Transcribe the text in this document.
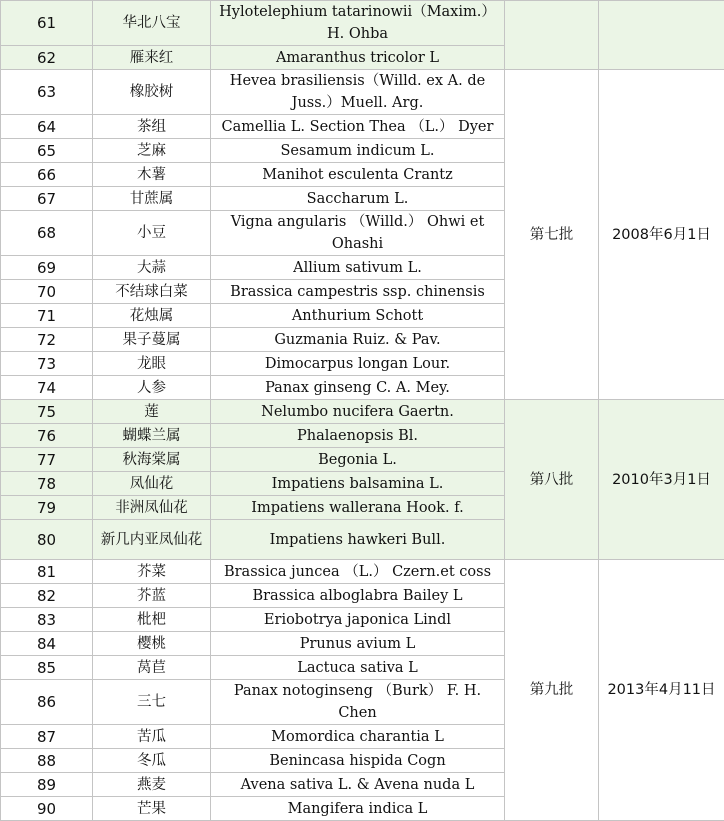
61	华北八宝	Hylotelephium tatarinowii（Maxim.）H. Ohba		
62	雁来红	Amaranthus tricolor L		
63	橡胶树	Hevea brasiliensis（Willd. ex A. de Juss.）Muell. Arg.	第七批	2008年6月1日
64	茶组	Camellia L. Section Thea （L.） Dyer		
65	芝麻	Sesamum indicum L.		
66	木薯	Manihot esculenta Crantz		
67	甘蔗属	Saccharum L.		
68	小豆	Vigna angularis （Willd.） Ohwi et Ohashi		
69	大蒜	Allium sativum L.		
70	不结球白菜	Brassica campestris ssp. chinensis		
71	花烛属	Anthurium Schott		
72	果子蔓属	Guzmania Ruiz. & Pav.		
73	龙眼	Dimocarpus longan Lour.		
74	人参	Panax ginseng C. A. Mey.		
75	莲	Nelumbo nucifera Gaertn.	第八批	2010年3月1日
76	蝴蝶兰属	Phalaenopsis Bl.		
77	秋海棠属	Begonia L.		
78	凤仙花	Impatiens balsamina L.		
79	非洲凤仙花	Impatiens wallerana Hook. f.		
80	新几内亚凤仙花	Impatiens hawkeri Bull.		
81	芥菜	Brassica juncea （L.） Czern.et coss	第九批	2013年4月11日
82	芥蓝	Brassica alboglabra Bailey L		
83	枇杷	Eriobotrya japonica Lindl		
84	樱桃	Prunus avium L		
85	莴苣	Lactuca sativa L		
86	三七	Panax notoginseng （Burk） F. H. Chen		
87	苦瓜	Momordica charantia L		
88	冬瓜	Benincasa hispida Cogn		
89	燕麦	Avena sativa L. & Avena nuda L		
90	芒果	Mangifera indica L		
